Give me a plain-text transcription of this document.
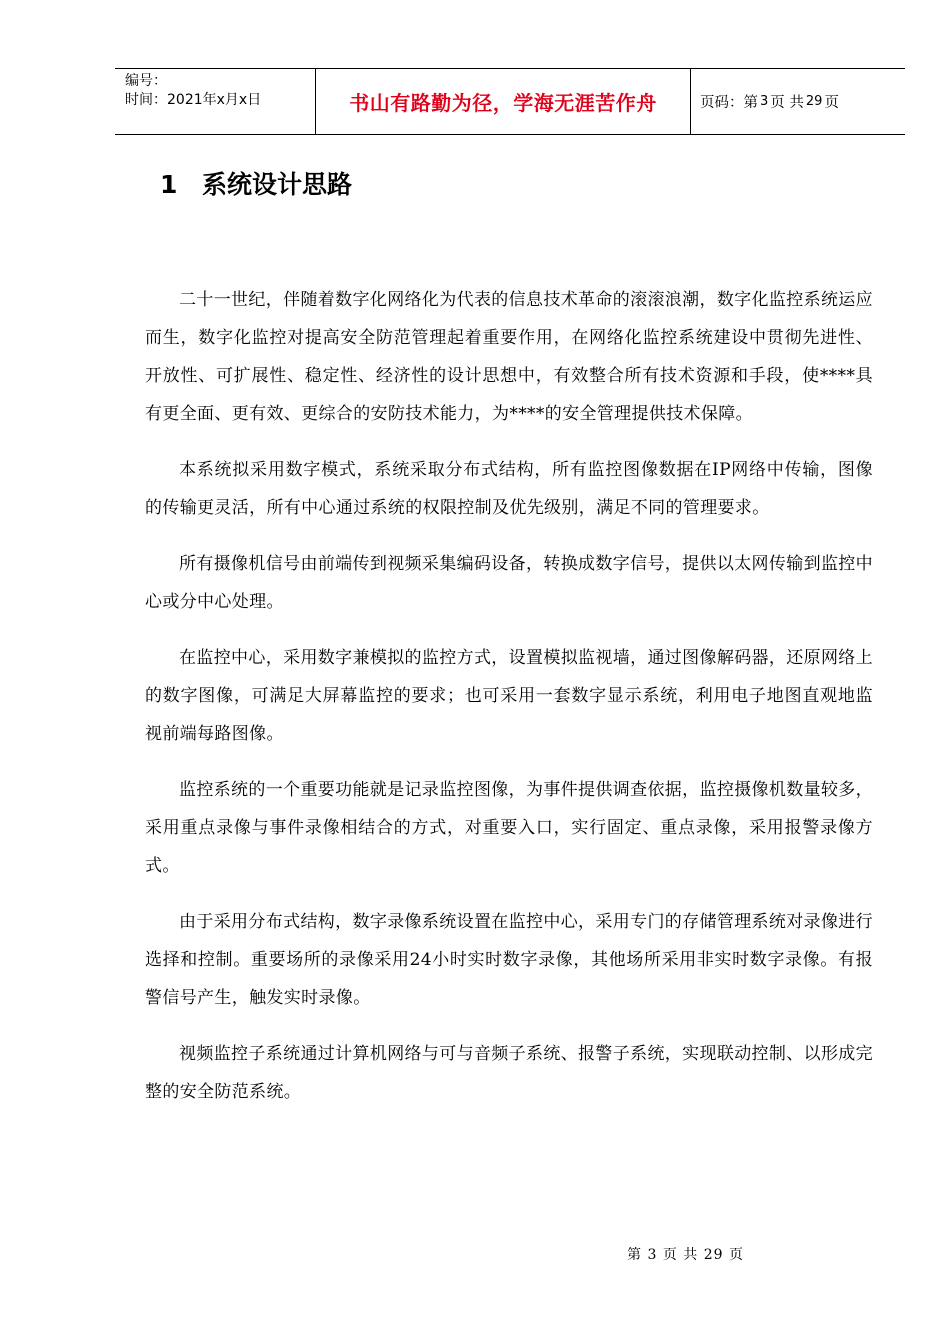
编号：
时间：2021年x月x日	书山有路勤为径，学海无涯苦作舟	页码：第 3 页 共 29 页
1 系统设计思路

二十一世纪，伴随着数字化网络化为代表的信息技术革命的滚滚浪潮，数字化监控系统运应而生，数字化监控对提高安全防范管理起着重要作用，在网络化监控系统建设中贯彻先进性、开放性、可扩展性、稳定性、经济性的设计思想中，有效整合所有技术资源和手段，使****具有更全面、更有效、更综合的安防技术能力，为****的安全管理提供技术保障。

本系统拟采用数字模式，系统采取分布式结构，所有监控图像数据在IP网络中传输，图像的传输更灵活，所有中心通过系统的权限控制及优先级别，满足不同的管理要求。

所有摄像机信号由前端传到视频采集编码设备，转换成数字信号，提供以太网传输到监控中心或分中心处理。

在监控中心，采用数字兼模拟的监控方式，设置模拟监视墙，通过图像解码器，还原网络上的数字图像，可满足大屏幕监控的要求；也可采用一套数字显示系统，利用电子地图直观地监视前端每路图像。

监控系统的一个重要功能就是记录监控图像，为事件提供调查依据，监控摄像机数量较多，采用重点录像与事件录像相结合的方式，对重要入口，实行固定、重点录像，采用报警录像方式。

由于采用分布式结构，数字录像系统设置在监控中心，采用专门的存储管理系统对录像进行选择和控制。重要场所的录像采用24小时实时数字录像，其他场所采用非实时数字录像。有报警信号产生，触发实时录像。

视频监控子系统通过计算机网络与可与音频子系统、报警子系统，实现联动控制、以形成完整的安全防范系统。

第 3 页 共 29 页
